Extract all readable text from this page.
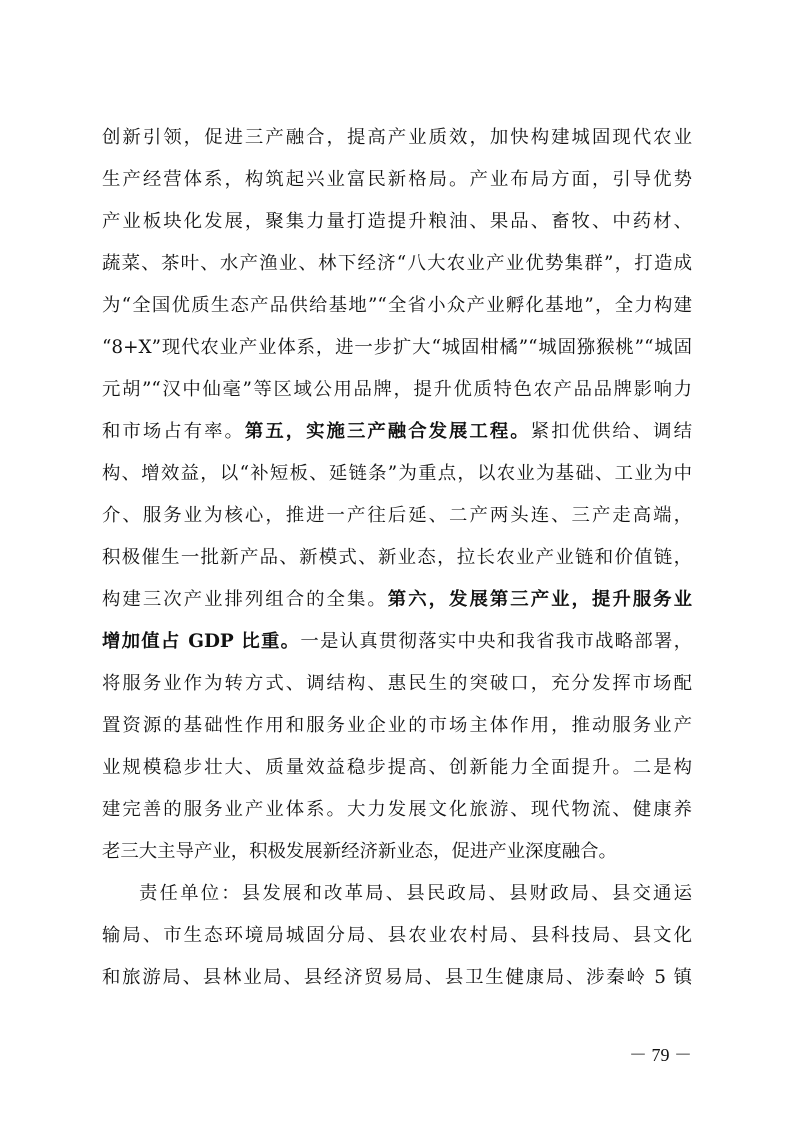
创新引领，促进三产融合，提高产业质效，加快构建城固现代农业
生产经营体系，构筑起兴业富民新格局。产业布局方面，引导优势
产业板块化发展，聚集力量打造提升粮油、果品、畜牧、中药材、
蔬菜、茶叶、水产渔业、林下经济“八大农业产业优势集群”，打造成
为“全国优质生态产品供给基地”“全省小众产业孵化基地”，全力构建
“8+X”现代农业产业体系，进一步扩大“城固柑橘”“城固猕猴桃”“城固
元胡”“汉中仙毫”等区域公用品牌，提升优质特色农产品品牌影响力
和市场占有率。第五，实施三产融合发展工程。紧扣优供给、调结
构、增效益，以“补短板、延链条”为重点，以农业为基础、工业为中
介、服务业为核心，推进一产往后延、二产两头连、三产走高端，
积极催生一批新产品、新模式、新业态，拉长农业产业链和价值链，
构建三次产业排列组合的全集。第六，发展第三产业，提升服务业
增加值占 GDP 比重。一是认真贯彻落实中央和我省我市战略部署，
将服务业作为转方式、调结构、惠民生的突破口，充分发挥市场配
置资源的基础性作用和服务业企业的市场主体作用，推动服务业产
业规模稳步壮大、质量效益稳步提高、创新能力全面提升。二是构
建完善的服务业产业体系。大力发展文化旅游、现代物流、健康养
老三大主导产业，积极发展新经济新业态，促进产业深度融合。
责任单位：县发展和改革局、县民政局、县财政局、县交通运
输局、市生态环境局城固分局、县农业农村局、县科技局、县文化
和旅游局、县林业局、县经济贸易局、县卫生健康局、涉秦岭 5 镇
－ 79 －
